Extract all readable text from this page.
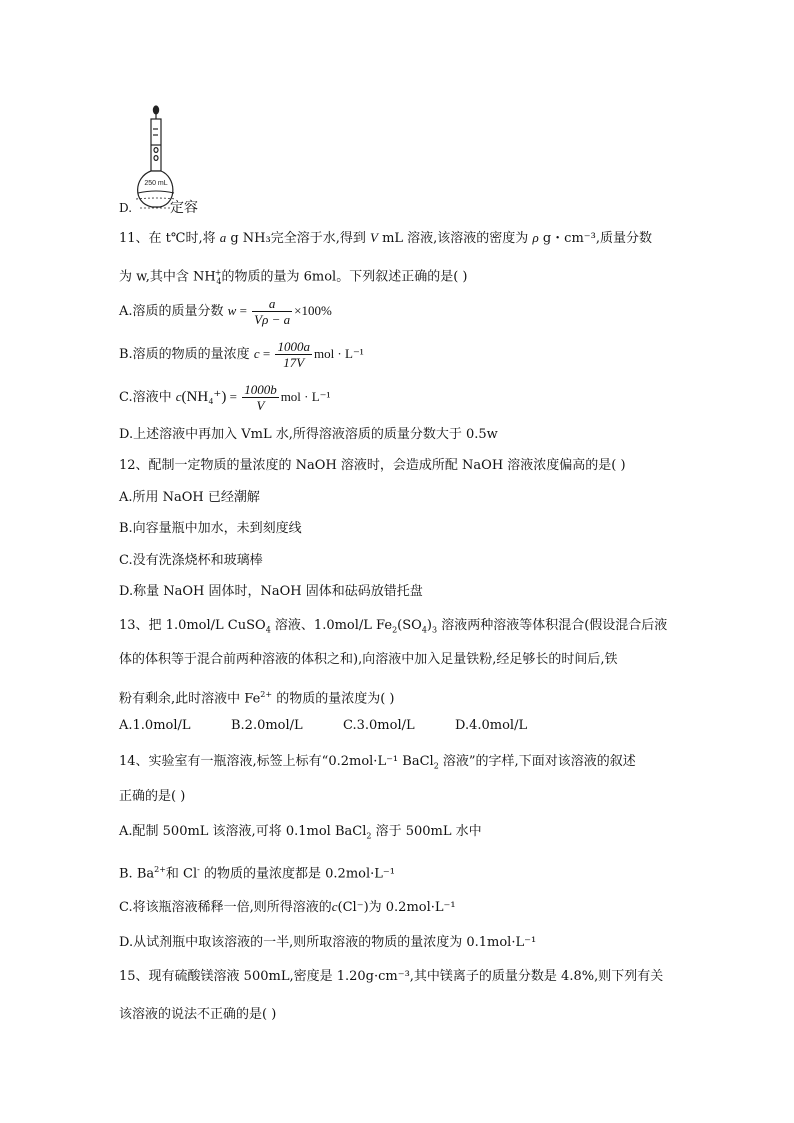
250 mL
D.	定容
11、在 t℃时,将 a g NH₃完全溶于水,得到 V mL 溶液,该溶液的密度为 ρ g・cm⁻³,质量分数
为 w,其中含 $NH^+_4$的物质的量为 6mol。下列叙述正确的是( )
A.溶质的质量分数 $w = \frac{a}{V\rho - a} \times 100\%$
B.溶质的物质的量浓度 $c = \frac{1000a}{17V}$ mol · L⁻¹
C.溶液中 $c(NH_4^+) = \frac{1000b}{V}$ mol · L⁻¹
D.上述溶液中再加入 VmL 水,所得溶液溶质的质量分数大于 0.5w
12、配制一定物质的量浓度的 NaOH 溶液时，会造成所配 NaOH 溶液浓度偏高的是( )
A.所用 NaOH 已经潮解
B.向容量瓶中加水，未到刻度线
C.没有洗涤烧杯和玻璃棒
D.称量 NaOH 固体时，NaOH 固体和砝码放错托盘
13、把 1.0mol/L CuSO$_4$ 溶液、1.0mol/L $Fe_2(SO_4)_3$ 溶液两种溶液等体积混合(假设混合后液
体的体积等于混合前两种溶液的体积之和),向溶液中加入足量铁粉,经足够长的时间后,铁
粉有剩余,此时溶液中 $Fe^{2+}$ 的物质的量浓度为( )
A.1.0mol/L	B.2.0mol/L	C.3.0mol/L	D.4.0mol/L
14、实验室有一瓶溶液,标签上标有“0.2mol·L⁻¹ BaCl$_2$ 溶液”的字样,下面对该溶液的叙述
正确的是( )
A.配制 500mL 该溶液,可将 0.1mol BaCl$_2$ 溶于 500mL 水中
B. $Ba^{2+}$和 Cl- 的物质的量浓度都是 0.2mol·L⁻¹
C.将该瓶溶液稀释一倍,则所得溶液的c(Cl⁻)为 0.2mol·L⁻¹
D.从试剂瓶中取该溶液的一半,则所取溶液的物质的量浓度为 0.1mol·L⁻¹
15、现有硫酸镁溶液 500mL,密度是 1.20g·cm⁻³,其中镁离子的质量分数是 4.8%,则下列有关
该溶液的说法不正确的是( )
